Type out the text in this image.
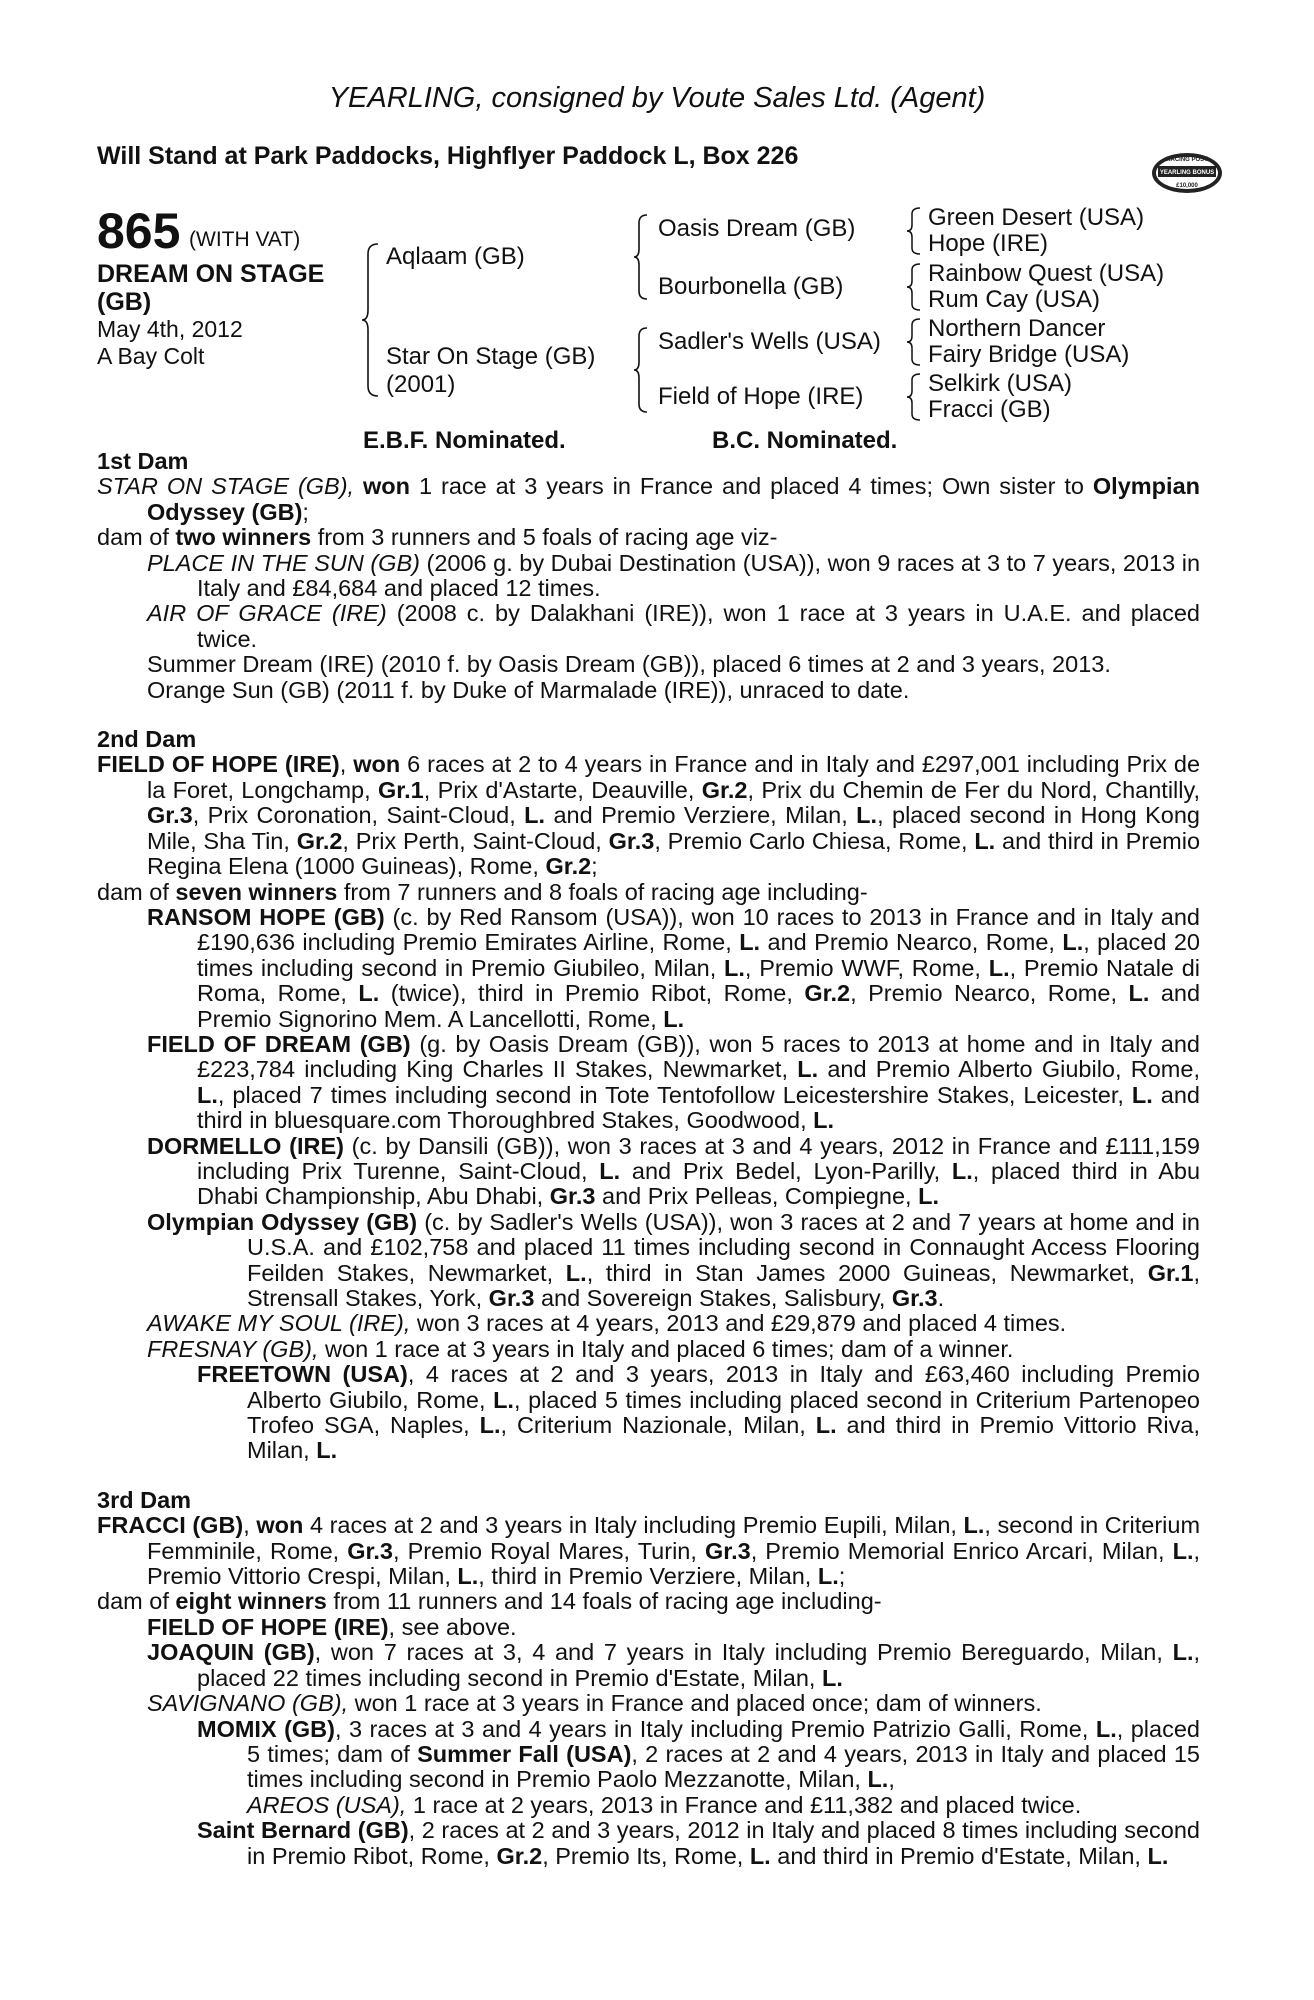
YEARLING, consigned by Voute Sales Ltd. (Agent)
Will Stand at Park Paddocks, Highflyer Paddock L, Box 226	RACING POST
YEARLING BONUS
£10,000
865 (WITH VAT)
DREAM ON STAGE (GB)
May 4th, 2012
A Bay Colt
Aqlaam (GB)
Star On Stage (GB)
(2001)
Oasis Dream (GB)
Bourbonella (GB)
Sadler's Wells (USA)
Field of Hope (IRE)
Green Desert (USA)
Hope (IRE)
Rainbow Quest (USA)
Rum Cay (USA)
Northern Dancer
Fairy Bridge (USA)
Selkirk (USA)
Fracci (GB)
E.B.F. Nominated.	B.C. Nominated.
1st Dam
STAR ON STAGE (GB), won 1 race at 3 years in France and placed 4 times; Own sister to Olympian Odyssey (GB);
dam of two winners from 3 runners and 5 foals of racing age viz-
PLACE IN THE SUN (GB) (2006 g. by Dubai Destination (USA)), won 9 races at 3 to 7 years, 2013 in Italy and £84,684 and placed 12 times.
AIR OF GRACE (IRE) (2008 c. by Dalakhani (IRE)), won 1 race at 3 years in U.A.E. and placed twice.
Summer Dream (IRE) (2010 f. by Oasis Dream (GB)), placed 6 times at 2 and 3 years, 2013.
Orange Sun (GB) (2011 f. by Duke of Marmalade (IRE)), unraced to date.
2nd Dam
FIELD OF HOPE (IRE), won 6 races at 2 to 4 years in France and in Italy and £297,001 including Prix de la Foret, Longchamp, Gr.1, Prix d'Astarte, Deauville, Gr.2, Prix du Chemin de Fer du Nord, Chantilly, Gr.3, Prix Coronation, Saint-Cloud, L. and Premio Verziere, Milan, L., placed second in Hong Kong Mile, Sha Tin, Gr.2, Prix Perth, Saint-Cloud, Gr.3, Premio Carlo Chiesa, Rome, L. and third in Premio Regina Elena (1000 Guineas), Rome, Gr.2;
dam of seven winners from 7 runners and 8 foals of racing age including-
RANSOM HOPE (GB) (c. by Red Ransom (USA)), won 10 races to 2013 in France and in Italy and £190,636 including Premio Emirates Airline, Rome, L. and Premio Nearco, Rome, L., placed 20 times including second in Premio Giubileo, Milan, L., Premio WWF, Rome, L., Premio Natale di Roma, Rome, L. (twice), third in Premio Ribot, Rome, Gr.2, Premio Nearco, Rome, L. and Premio Signorino Mem. A Lancellotti, Rome, L.
FIELD OF DREAM (GB) (g. by Oasis Dream (GB)), won 5 races to 2013 at home and in Italy and £223,784 including King Charles II Stakes, Newmarket, L. and Premio Alberto Giubilo, Rome, L., placed 7 times including second in Tote Tentofollow Leicestershire Stakes, Leicester, L. and third in bluesquare.com Thoroughbred Stakes, Goodwood, L.
DORMELLO (IRE) (c. by Dansili (GB)), won 3 races at 3 and 4 years, 2012 in France and £111,159 including Prix Turenne, Saint-Cloud, L. and Prix Bedel, Lyon-Parilly, L., placed third in Abu Dhabi Championship, Abu Dhabi, Gr.3 and Prix Pelleas, Compiegne, L.
Olympian Odyssey (GB) (c. by Sadler's Wells (USA)), won 3 races at 2 and 7 years at home and in U.S.A. and £102,758 and placed 11 times including second in Connaught Access Flooring Feilden Stakes, Newmarket, L., third in Stan James 2000 Guineas, Newmarket, Gr.1, Strensall Stakes, York, Gr.3 and Sovereign Stakes, Salisbury, Gr.3.
AWAKE MY SOUL (IRE), won 3 races at 4 years, 2013 and £29,879 and placed 4 times.
FRESNAY (GB), won 1 race at 3 years in Italy and placed 6 times; dam of a winner.
FREETOWN (USA), 4 races at 2 and 3 years, 2013 in Italy and £63,460 including Premio Alberto Giubilo, Rome, L., placed 5 times including placed second in Criterium Partenopeo Trofeo SGA, Naples, L., Criterium Nazionale, Milan, L. and third in Premio Vittorio Riva, Milan, L.
3rd Dam
FRACCI (GB), won 4 races at 2 and 3 years in Italy including Premio Eupili, Milan, L., second in Criterium Femminile, Rome, Gr.3, Premio Royal Mares, Turin, Gr.3, Premio Memorial Enrico Arcari, Milan, L., Premio Vittorio Crespi, Milan, L., third in Premio Verziere, Milan, L.;
dam of eight winners from 11 runners and 14 foals of racing age including-
FIELD OF HOPE (IRE), see above.
JOAQUIN (GB), won 7 races at 3, 4 and 7 years in Italy including Premio Bereguardo, Milan, L., placed 22 times including second in Premio d'Estate, Milan, L.
SAVIGNANO (GB), won 1 race at 3 years in France and placed once; dam of winners.
MOMIX (GB), 3 races at 3 and 4 years in Italy including Premio Patrizio Galli, Rome, L., placed 5 times; dam of Summer Fall (USA), 2 races at 2 and 4 years, 2013 in Italy and placed 15 times including second in Premio Paolo Mezzanotte, Milan, L.,
AREOS (USA), 1 race at 2 years, 2013 in France and £11,382 and placed twice.
Saint Bernard (GB), 2 races at 2 and 3 years, 2012 in Italy and placed 8 times including second in Premio Ribot, Rome, Gr.2, Premio Its, Rome, L. and third in Premio d'Estate, Milan, L.
